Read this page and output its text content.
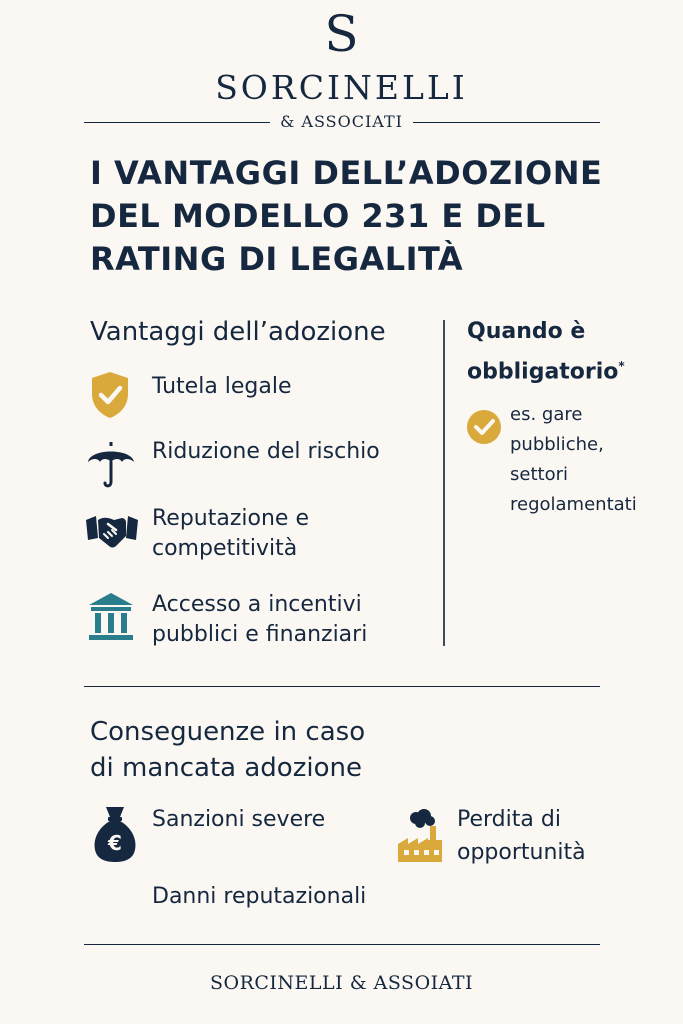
S
SORCINELLI
& ASSOCIATI
I VANTAGGI DELL’ADOZIONE
DEL MODELLO 231 E DEL
RATING DI LEGALITÀ
Vantaggi dell’adozione
Tutela legale
Riduzione del rischio
Reputazione e
competitività
Accesso a incentivi
pubblici e finanziari
Quando è
obbligatorio*
es. gare
pubbliche,
settori
regolamentati
Conseguenze in caso
di mancata adozione
€
Sanzioni severe	Perdita di
opportunità
Danni reputazionali
SORCINELLI & ASSOIATI
